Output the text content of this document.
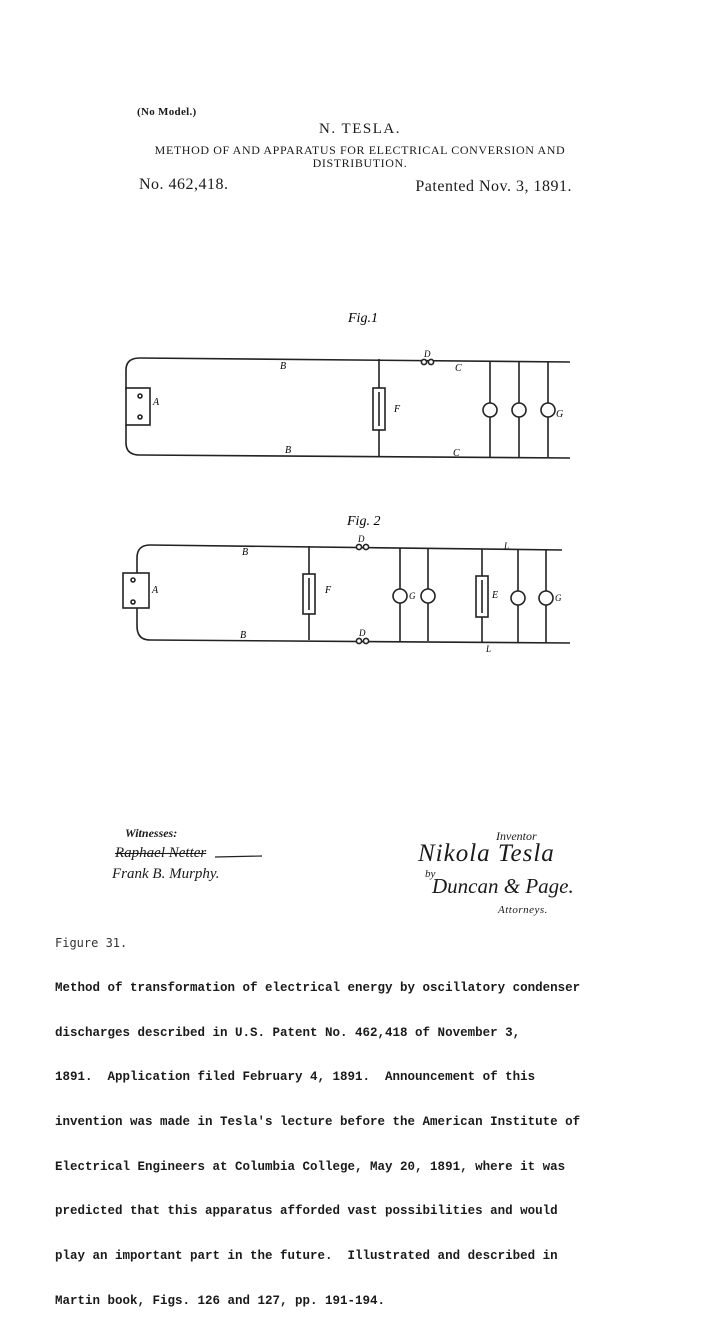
(No Model.)
N. TESLA.
METHOD OF AND APPARATUS FOR ELECTRICAL CONVERSION AND
DISTRIBUTION.
No. 462,418.	Patented Nov. 3, 1891.
Fig.1
A
B
B
C
C
D
F	G
Fig. 2
A
B
B
D
D
F	G	G
E
L
L
Witnesses:
Raphael Netter
Frank B. Murphy.
Inventor
Nikola Tesla
by
Duncan & Page.
Attorneys.
Figure 31.

Method of transformation of electrical energy by oscillatory condenser

discharges described in U.S. Patent No. 462,418 of November 3,

1891.  Application filed February 4, 1891.  Announcement of this

invention was made in Tesla's lecture before the American Institute of

Electrical Engineers at Columbia College, May 20, 1891, where it was

predicted that this apparatus afforded vast possibilities and would

play an important part in the future.  Illustrated and described in

Martin book, Figs. 126 and 127, pp. 191-194.
